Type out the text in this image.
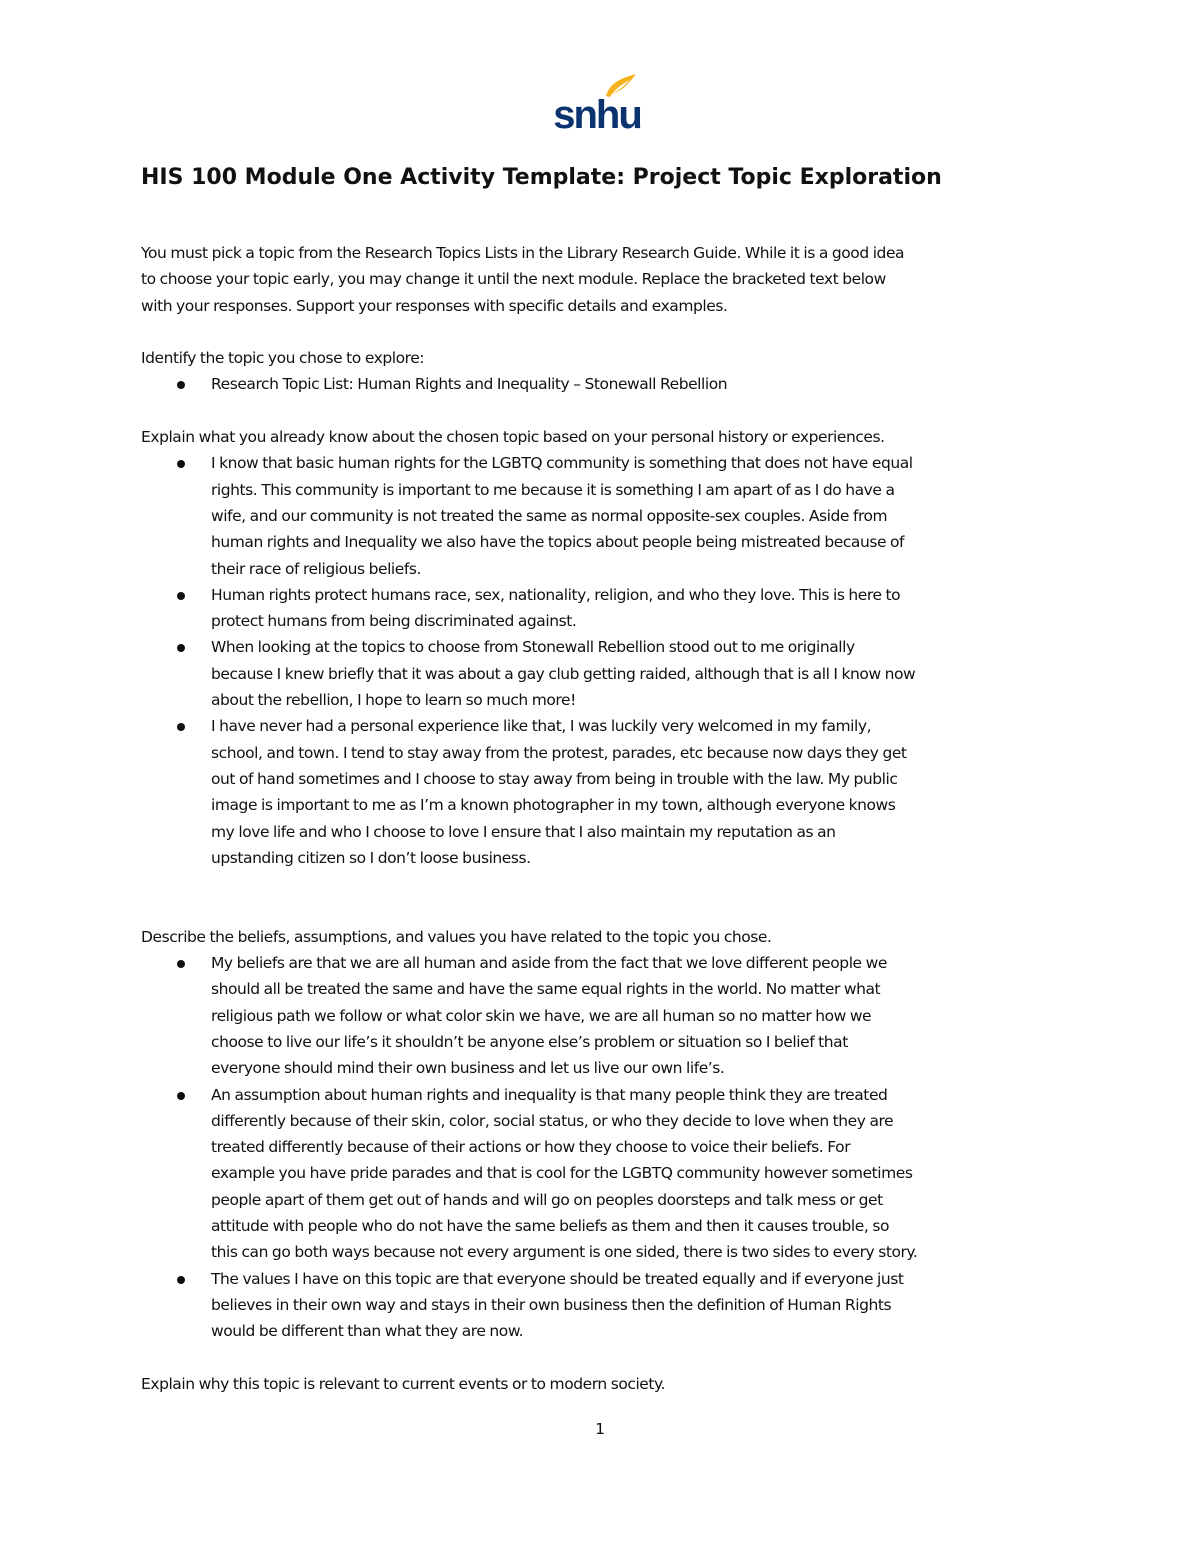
snhu
HIS 100 Module One Activity Template: Project Topic Exploration

You must pick a topic from the Research Topics Lists in the Library Research Guide. While it is a good idea

to choose your topic early, you may change it until the next module. Replace the bracketed text below

with your responses. Support your responses with specific details and examples.

Identify the topic you chose to explore:

Research Topic List: Human Rights and Inequality – Stonewall Rebellion

Explain what you already know about the chosen topic based on your personal history or experiences.

I know that basic human rights for the LGBTQ community is something that does not have equal

rights. This community is important to me because it is something I am apart of as I do have a

wife, and our community is not treated the same as normal opposite-sex couples. Aside from

human rights and Inequality we also have the topics about people being mistreated because of

their race of religious beliefs.

Human rights protect humans race, sex, nationality, religion, and who they love. This is here to

protect humans from being discriminated against.

When looking at the topics to choose from Stonewall Rebellion stood out to me originally

because I knew briefly that it was about a gay club getting raided, although that is all I know now

about the rebellion, I hope to learn so much more!

I have never had a personal experience like that, I was luckily very welcomed in my family,

school, and town. I tend to stay away from the protest, parades, etc because now days they get

out of hand sometimes and I choose to stay away from being in trouble with the law. My public

image is important to me as I’m a known photographer in my town, although everyone knows

my love life and who I choose to love I ensure that I also maintain my reputation as an

upstanding citizen so I don’t loose business.

Describe the beliefs, assumptions, and values you have related to the topic you chose.

My beliefs are that we are all human and aside from the fact that we love different people we

should all be treated the same and have the same equal rights in the world. No matter what

religious path we follow or what color skin we have, we are all human so no matter how we

choose to live our life’s it shouldn’t be anyone else’s problem or situation so I belief that

everyone should mind their own business and let us live our own life’s.

An assumption about human rights and inequality is that many people think they are treated

differently because of their skin, color, social status, or who they decide to love when they are

treated differently because of their actions or how they choose to voice their beliefs. For

example you have pride parades and that is cool for the LGBTQ community however sometimes

people apart of them get out of hands and will go on peoples doorsteps and talk mess or get

attitude with people who do not have the same beliefs as them and then it causes trouble, so

this can go both ways because not every argument is one sided, there is two sides to every story.

The values I have on this topic are that everyone should be treated equally and if everyone just

believes in their own way and stays in their own business then the definition of Human Rights

would be different than what they are now.

Explain why this topic is relevant to current events or to modern society.

1
